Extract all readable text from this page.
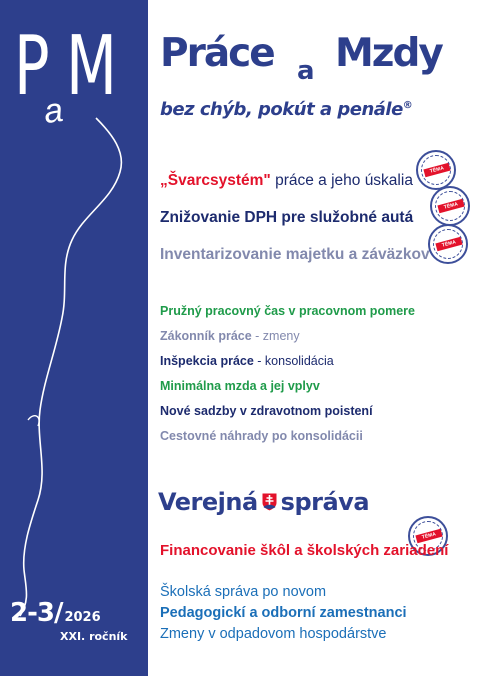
P
a M Práce a Mzdy
bez chýb, pokút a penále®
„Švarcsystém" práce a jeho úskalia
Znižovanie DPH pre služobné autá
Inventarizovanie majetku a záväzkov
TÉMA
TÉMA
TÉMA
Pružný pracovný čas v pracovnom pomere
Zákonník práce - zmeny
Inšpekcia práce - konsolidácia
Minimálna mzda a jej vplyv
Nové sadzby v zdravotnom poistení
Cestovné náhrady po konsolidácii
Verejná správa
TÉMA
Financovanie škôl a školských zariadení
Školská správa po novom
Pedagogickí a odborní zamestnanci
Zmeny v odpadovom hospodárstve
2-3/ 2026
XXI. ročník
